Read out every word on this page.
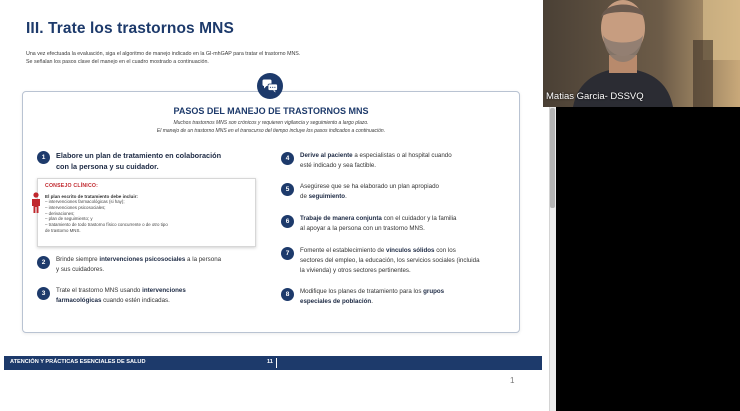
III. Trate los trastornos MNS
Una vez efectuada la evaluación, siga el algoritmo de manejo indicado en la GI-mhGAP para tratar el trastorno MNS.
Se señalan los pasos clave del manejo en el cuadro mostrado a continuación.
PASOS DEL MANEJO DE TRASTORNOS MNS
Muchos trastornos MNS son crónicos y requieren vigilancia y seguimiento a largo plazo.
El manejo de un trastorno MNS en el transcurso del tiempo incluye los pasos indicados a continuación.
1	Elabore un plan de tratamiento en colaboración
con la persona y su cuidador.
CONSEJO CLÍNICO:
El plan escrito de tratamiento debe incluir:
– intervenciones farmacológicas (si hay);
– intervenciones psicosociales;
– derivaciones;
– plan de seguimiento; y
– tratamiento de todo trastorno físico concurrente o de otro tipo
de trastorno MNS.
2	Brinde siempre intervenciones psicosociales a la persona
y sus cuidadores.
3	Trate el trastorno MNS usando intervenciones
farmacológicas cuando estén indicadas.
4	Derive al paciente a especialistas o al hospital cuando
esté indicado y sea factible.
5	Asegúrese que se ha elaborado un plan apropiado
de seguimiento.
6	Trabaje de manera conjunta con el cuidador y la familia
al apoyar a la persona con un trastorno MNS.
7	Fomente el establecimiento de vínculos sólidos con los
sectores del empleo, la educación, los servicios sociales (incluida
la vivienda) y otros sectores pertinentes.
8	Modifique los planes de tratamiento para los grupos
especiales de población.
ATENCIÓN Y PRÁCTICAS ESENCIALES DE SALUD	11
1
Matias Garcia- DSSVQ
